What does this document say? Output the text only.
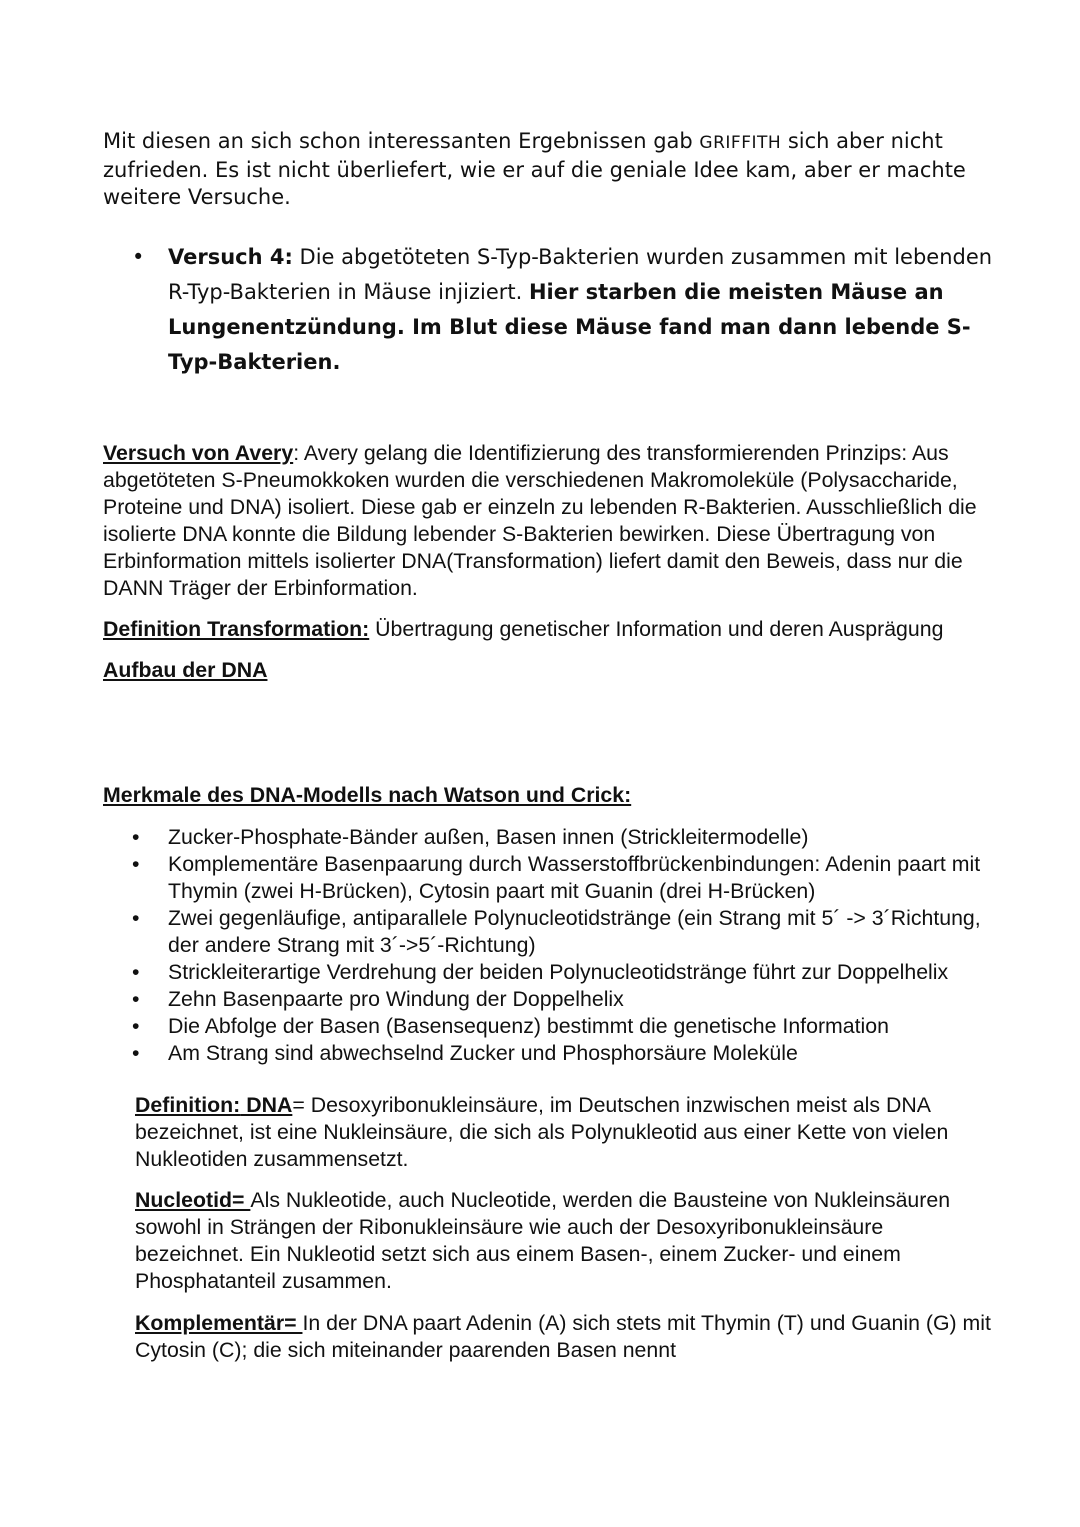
Mit diesen an sich schon interessanten Ergebnissen gab GRIFFITH sich aber nicht zufrieden. Es ist nicht überliefert, wie er auf die geniale Idee kam, aber er machte weitere Versuche.

•	Versuch 4: Die abgetöteten S-Typ-Bakterien wurden zusammen mit lebenden R-Typ-Bakterien in Mäuse injiziert. Hier starben die meisten Mäuse an Lungenentzündung. Im Blut diese Mäuse fand man dann lebende S-Typ-Bakterien.

Versuch von Avery: Avery gelang die Identifizierung des transformierenden Prinzips: Aus abgetöteten S-Pneumokkoken wurden die verschiedenen Makromoleküle (Polysaccharide, Proteine und DNA) isoliert. Diese gab er einzeln zu lebenden R-Bakterien. Ausschließlich die isolierte DNA konnte die Bildung lebender S-Bakterien bewirken. Diese Übertragung von Erbinformation mittels isolierter DNA(Transformation) liefert damit den Beweis, dass nur die DANN Träger der Erbinformation.

Definition Transformation: Übertragung genetischer Information und deren Ausprägung

Aufbau der DNA

Merkmale des DNA-Modells nach Watson und Crick:

• Zucker-Phosphate-Bänder außen, Basen innen (Strickleitermodelle)
• Komplementäre Basenpaarung durch Wasserstoffbrückenbindungen: Adenin paart mit Thymin (zwei H-Brücken), Cytosin paart mit Guanin (drei H-Brücken)
• Zwei gegenläufige, antiparallele Polynucleotidstränge (ein Strang mit 5´ -> 3´Richtung, der andere Strang mit 3´->5´-Richtung)
• Strickleiterartige Verdrehung der beiden Polynucleotidstränge führt zur Doppelhelix
• Zehn Basenpaarte pro Windung der Doppelhelix
• Die Abfolge der Basen (Basensequenz) bestimmt die genetische Information
• Am Strang sind abwechselnd Zucker und Phosphorsäure Moleküle

Definition: DNA= Desoxyribonukleinsäure, im Deutschen inzwischen meist als DNA bezeichnet, ist eine Nukleinsäure, die sich als Polynukleotid aus einer Kette von vielen Nukleotiden zusammensetzt.

Nucleotid= Als Nukleotide, auch Nucleotide, werden die Bausteine von Nukleinsäuren sowohl in Strängen der Ribonukleinsäure wie auch der Desoxyribonukleinsäure bezeichnet. Ein Nukleotid setzt sich aus einem Basen-, einem Zucker- und einem Phosphatanteil zusammen.

Komplementär= In der DNA paart Adenin (A) sich stets mit Thymin (T) und Guanin (G) mit Cytosin (C); die sich miteinander paarenden Basen nennt
